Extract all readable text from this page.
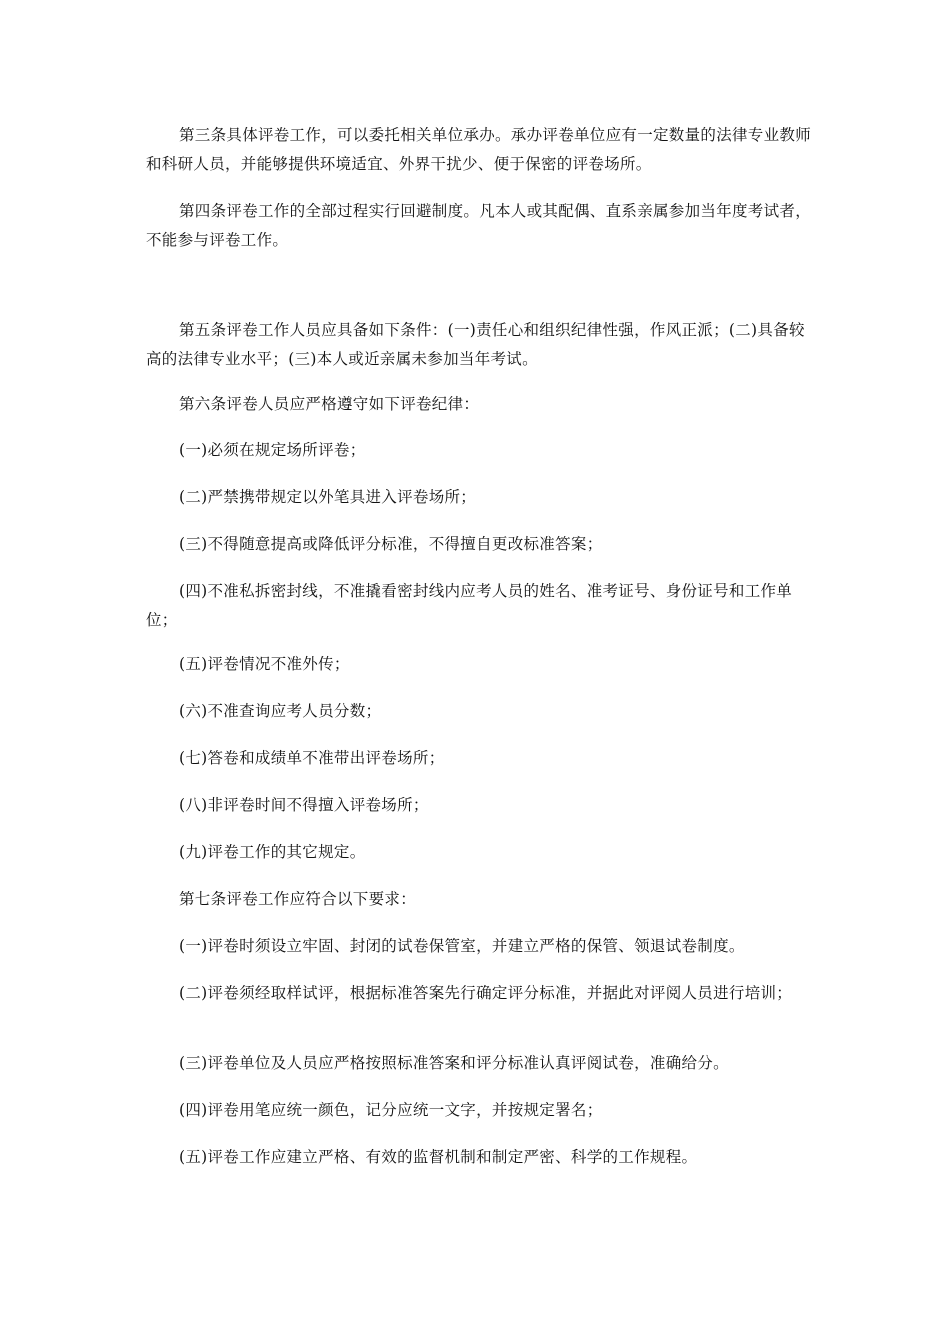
第三条具体评卷工作，可以委托相关单位承办。承办评卷单位应有一定数量的法律专业教师和科研人员，并能够提供环境适宜、外界干扰少、便于保密的评卷场所。

第四条评卷工作的全部过程实行回避制度。凡本人或其配偶、直系亲属参加当年度考试者，不能参与评卷工作。

第五条评卷工作人员应具备如下条件：(一)责任心和组织纪律性强，作风正派；(二)具备较高的法律专业水平；(三)本人或近亲属未参加当年考试。

第六条评卷人员应严格遵守如下评卷纪律：

(一)必须在规定场所评卷；

(二)严禁携带规定以外笔具进入评卷场所；

(三)不得随意提高或降低评分标准，不得擅自更改标准答案；

(四)不准私拆密封线，不准撬看密封线内应考人员的姓名、准考证号、身份证号和工作单位；

(五)评卷情况不准外传；

(六)不准查询应考人员分数；

(七)答卷和成绩单不准带出评卷场所；

(八)非评卷时间不得擅入评卷场所；

(九)评卷工作的其它规定。

第七条评卷工作应符合以下要求：

(一)评卷时须设立牢固、封闭的试卷保管室，并建立严格的保管、领退试卷制度。

(二)评卷须经取样试评，根据标准答案先行确定评分标准，并据此对评阅人员进行培训；

(三)评卷单位及人员应严格按照标准答案和评分标准认真评阅试卷，准确给分。

(四)评卷用笔应统一颜色，记分应统一文字，并按规定署名；

(五)评卷工作应建立严格、有效的监督机制和制定严密、科学的工作规程。
